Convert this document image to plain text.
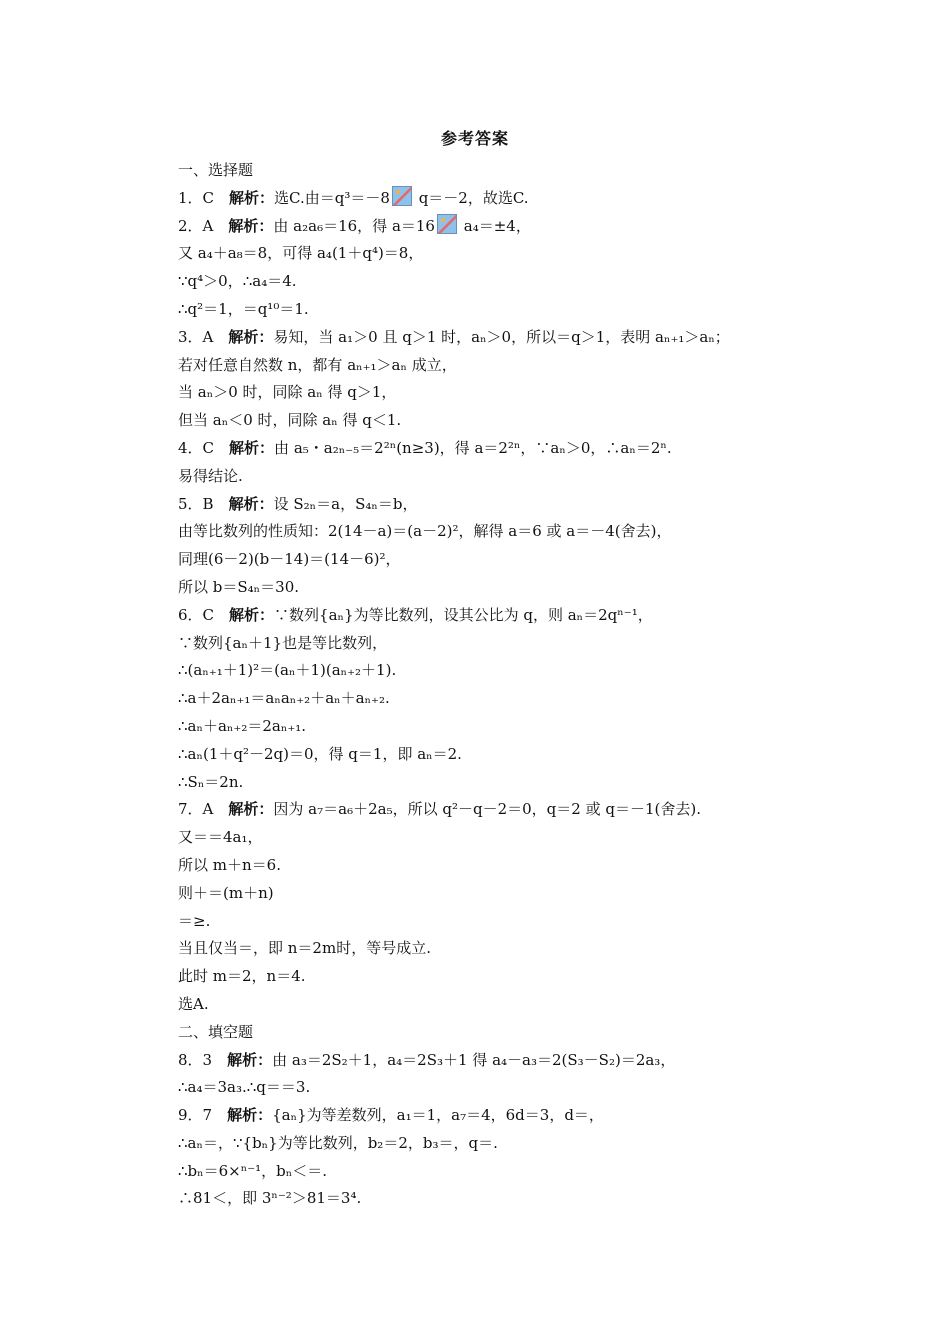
参考答案
一、选择题
1．C　解析：选C.由＝q³＝－8 q＝－2，故选C.
2．A　解析：由 a₂a₆＝16，得 a＝16 a₄＝±4，
又 a₄＋a₈＝8，可得 a₄(1＋q⁴)＝8，
∵q⁴＞0，∴a₄＝4.
∴q²＝1，＝q¹⁰＝1.
3．A　解析：易知，当 a₁＞0 且 q＞1 时，aₙ＞0，所以＝q＞1，表明 aₙ₊₁＞aₙ；
若对任意自然数 n，都有 aₙ₊₁＞aₙ 成立，
当 aₙ＞0 时，同除 aₙ 得 q＞1，
但当 aₙ＜0 时，同除 aₙ 得 q＜1.
4．C　解析：由 a₅・a₂ₙ₋₅＝2²ⁿ(n≥3)，得 a＝2²ⁿ，∵aₙ＞0，∴aₙ＝2ⁿ.
易得结论.
5．B　解析：设 S₂ₙ＝a，S₄ₙ＝b，
由等比数列的性质知：2(14－a)＝(a－2)²，解得 a＝6 或 a＝－4(舍去)，
同理(6－2)(b－14)＝(14－6)²，
所以 b＝S₄ₙ＝30.
6．C　解析：∵数列{aₙ}为等比数列，设其公比为 q，则 aₙ＝2qⁿ⁻¹，
∵数列{aₙ＋1}也是等比数列，
∴(aₙ₊₁＋1)²＝(aₙ＋1)(aₙ₊₂＋1).
∴a＋2aₙ₊₁＝aₙaₙ₊₂＋aₙ＋aₙ₊₂.
∴aₙ＋aₙ₊₂＝2aₙ₊₁.
∴aₙ(1＋q²－2q)＝0，得 q＝1，即 aₙ＝2.
∴Sₙ＝2n.
7．A　解析：因为 a₇＝a₆＋2a₅，所以 q²－q－2＝0，q＝2 或 q＝－1(舍去).
又＝＝4a₁，
所以 m＋n＝6.
则＋＝(m＋n)
＝≥.
当且仅当＝，即 n＝2m时，等号成立.
此时 m＝2，n＝4.
选A.
二、填空题
8．3　解析：由 a₃＝2S₂＋1，a₄＝2S₃＋1 得 a₄－a₃＝2(S₃－S₂)＝2a₃，
∴a₄＝3a₃.∴q＝＝3.
9．7　解析：{aₙ}为等差数列，a₁＝1，a₇＝4，6d＝3，d＝，
∴aₙ＝，∵{bₙ}为等比数列，b₂＝2，b₃＝，q＝.
∴bₙ＝6×ⁿ⁻¹，bₙ＜＝.
∴81＜，即 3ⁿ⁻²＞81＝3⁴.
